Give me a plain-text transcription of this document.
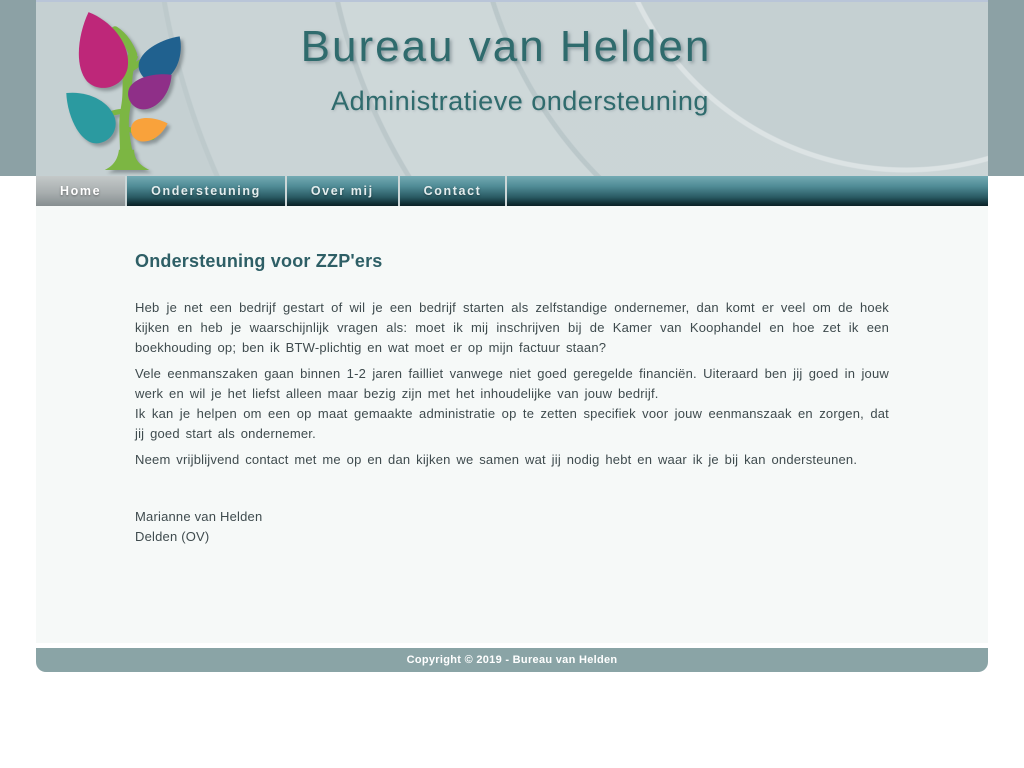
Bureau van Helden
Administratieve ondersteuning
Home	Ondersteuning	Over mij	Contact
Ondersteuning voor ZZP'ers

Heb je net een bedrijf gestart of wil je een bedrijf starten als zelfstandige ondernemer, dan komt er veel om de hoek kijken en heb je waarschijnlijk vragen als: moet ik mij inschrijven bij de Kamer van Koophandel en hoe zet ik een boekhouding op; ben ik BTW-plichtig en wat moet er op mijn factuur staan?

Vele eenmanszaken gaan binnen 1-2 jaren failliet vanwege niet goed geregelde financiën. Uiteraard ben jij goed in jouw werk en wil je het liefst alleen maar bezig zijn met het inhoudelijke van jouw bedrijf.

Ik kan je helpen om een op maat gemaakte administratie op te zetten specifiek voor jouw eenmanszaak en zorgen, dat jij goed start als ondernemer.

Neem vrijblijvend contact met me op en dan kijken we samen wat jij nodig hebt en waar ik je bij kan ondersteunen.

Marianne van Helden
Delden (OV)
Copyright © 2019 - Bureau van Helden
